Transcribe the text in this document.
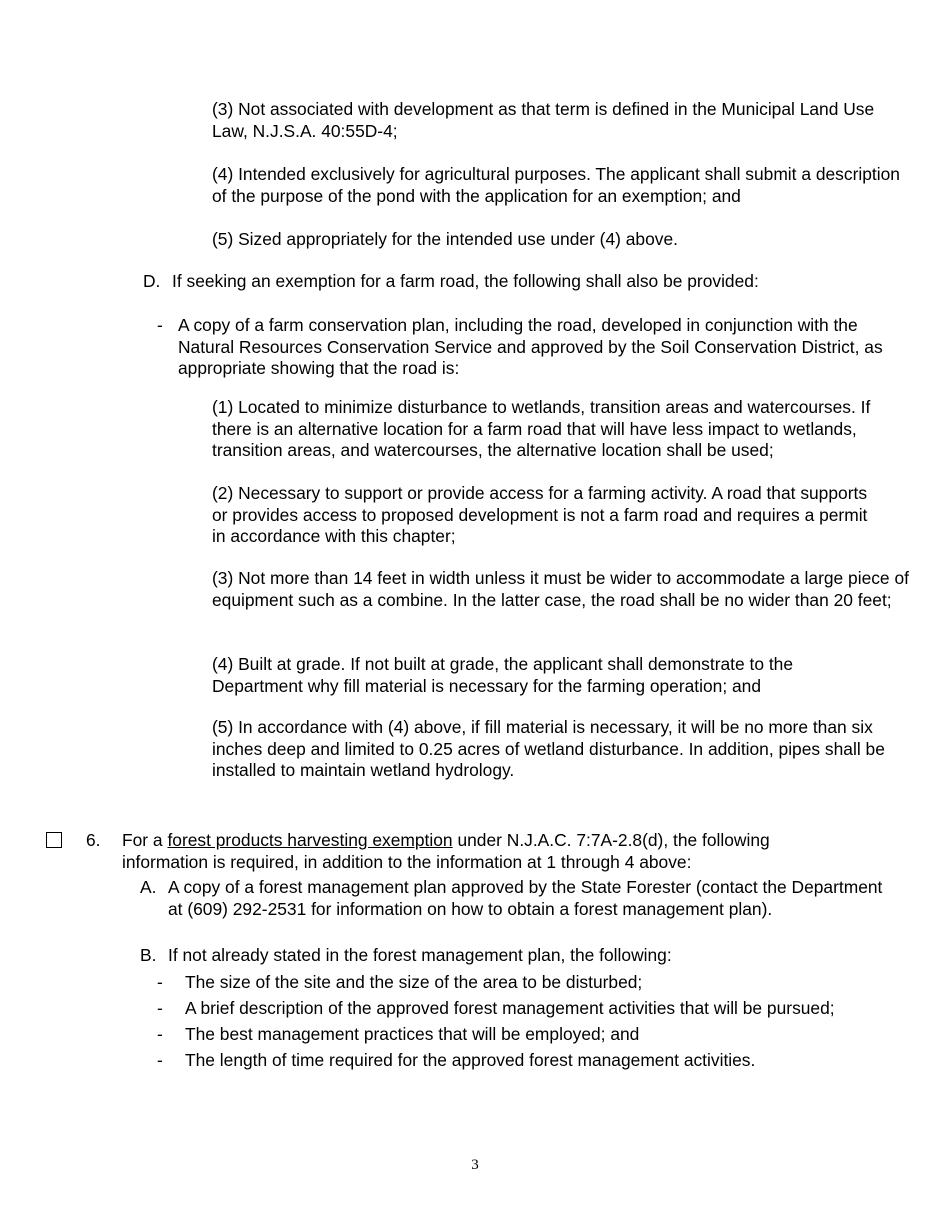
(3) Not associated with development as that term is defined in the Municipal Land Use Law, N.J.S.A. 40:55D-4;
(4) Intended exclusively for agricultural purposes. The applicant shall submit a description of the purpose of the pond with the application for an exemption; and
(5) Sized appropriately for the intended use under (4) above.
D. If seeking an exemption for a farm road, the following shall also be provided:
- A copy of a farm conservation plan, including the road, developed in conjunction with the Natural Resources Conservation Service and approved by the Soil Conservation District, as appropriate showing that the road is:
(1) Located to minimize disturbance to wetlands, transition areas and watercourses. If there is an alternative location for a farm road that will have less impact to wetlands, transition areas, and watercourses, the alternative location shall be used;
(2) Necessary to support or provide access for a farming activity. A road that supports or provides access to proposed development is not a farm road and requires a permit in accordance with this chapter;
(3) Not more than 14 feet in width unless it must be wider to accommodate a large piece of equipment such as a combine. In the latter case, the road shall be no wider than 20 feet;
(4) Built at grade. If not built at grade, the applicant shall demonstrate to the Department why fill material is necessary for the farming operation; and
(5) In accordance with (4) above, if fill material is necessary, it will be no more than six inches deep and limited to 0.25 acres of wetland disturbance. In addition, pipes shall be installed to maintain wetland hydrology.
6.	For a forest products harvesting exemption under N.J.A.C. 7:7A-2.8(d), the following information is required, in addition to the information at 1 through 4 above:
A. A copy of a forest management plan approved by the State Forester (contact the Department at (609) 292-2531 for information on how to obtain a forest management plan).
B. If not already stated in the forest management plan, the following:
-	The size of the site and the size of the area to be disturbed;
-	A brief description of the approved forest management activities that will be pursued;
-	The best management practices that will be employed; and
-	The length of time required for the approved forest management activities.
3
